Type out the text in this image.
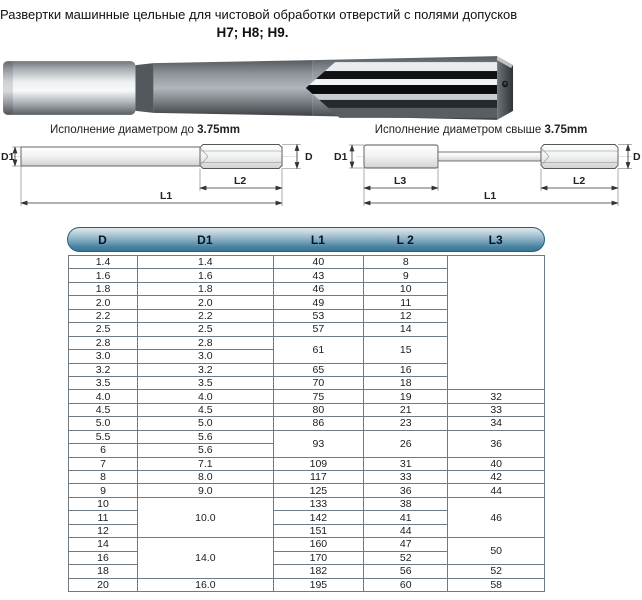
Развертки машинные цельные для чистовой обработки отверстий с полями допусков
Н7; Н8; Н9.
Исполнение диаметром до 3.75mm	Исполнение диаметром свыше 3.75mm
D1	D
L2
L1
D1	D
L3	L2
L1
D	D1	L1	L 2	L3
1.4	1.4	40	8	
1.6	1.6	43	9	
1.8	1.8	46	10	
2.0	2.0	49	11	
2.2	2.2	53	12	
2.5	2.5	57	14	
2.8	2.8	61	15	
3.0	3.0			
3.2	3.2	65	16	
3.5	3.5	70	18	
4.0	4.0	75	19	32
4.5	4.5	80	21	33
5.0	5.0	86	23	34
5.5	5.6	93	26	36
6	5.6			
7	7.1	109	31	40
8	8.0	117	33	42
9	9.0	125	36	44
10	10.0	133	38	46
11		142	41	
12		151	44	
14	14.0	160	47	50
16		170	52	
18		182	56	52
20	16.0	195	60	58
